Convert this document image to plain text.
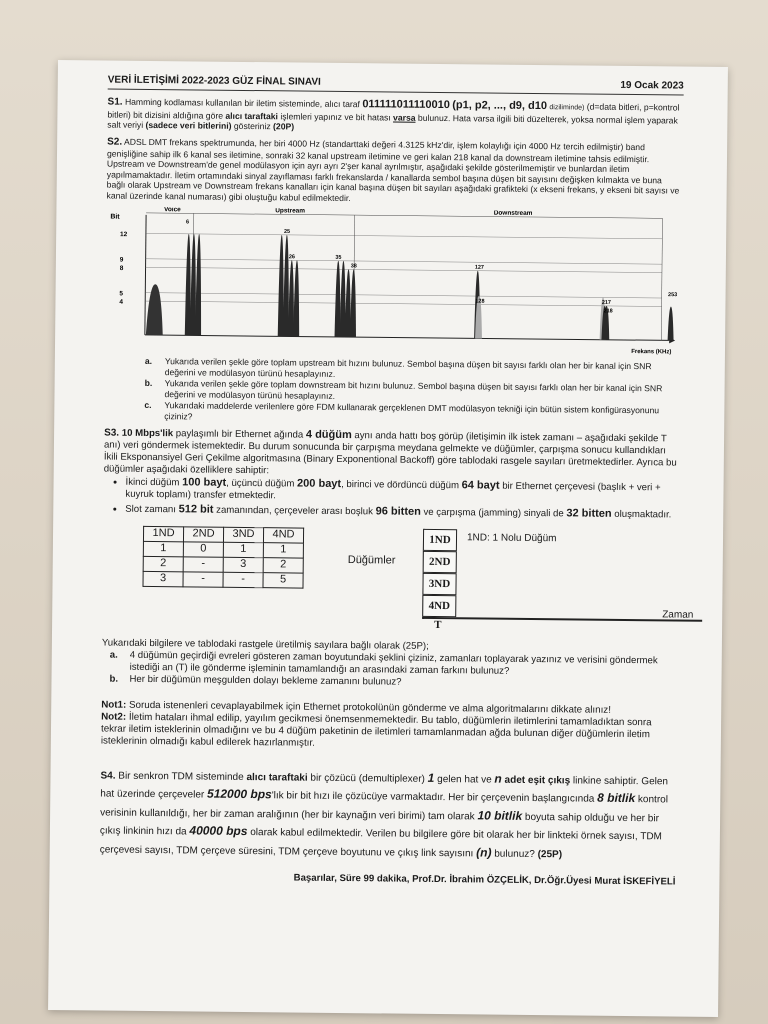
VERİ İLETİŞİMİ 2022-2023 GÜZ FİNAL SINAVI	19 Ocak 2023
S1. Hamming kodlaması kullanılan bir iletim sisteminde, alıcı taraf 011111011110010 (p1, p2, ..., d9, d10 diziliminde) (d=data bitleri, p=kontrol bitleri) bit dizisini aldığına göre alıcı taraftaki işlemleri yapınız ve bit hatası varsa bulunuz. Hata varsa ilgili biti düzelterek, yoksa normal işlem yaparak salt veriyi (sadece veri bitlerini) gösteriniz (20P)
S2. ADSL DMT frekans spektrumunda, her biri 4000 Hz (standarttaki değeri 4.3125 kHz'dir, işlem kolaylığı için 4000 Hz tercih edilmiştir) band genişliğine sahip ilk 6 kanal ses iletimine, sonraki 32 kanal upstream iletimine ve geri kalan 218 kanal da downstream iletimine tahsis edilmiştir. Upstream ve Downstream'de genel modülasyon için ayrı ayrı 2'şer kanal ayrılmıştır, aşağıdaki şekilde gösterilmemiştir ve bunlardan iletim yapılmamaktadır. İletim ortamındaki sinyal zayıflaması farklı frekanslarda / kanallarda sembol başına düşen bit sayısını değişken kılmakta ve buna bağlı olarak Upstream ve Downstream frekans kanalları için kanal başına düşen bit sayıları aşağıdaki grafikteki (x ekseni frekans, y ekseni bit sayısı ve kanal üzerinde kanal numarası) gibi oluştuğu kabul edilmektedir.
Bit
Frekans (KHz)
12
9
8
5
4
Voice	Upstream	Downstream
6
25
26	35
38	127
128	217
218
253
a.	Yukarıda verilen şekle göre toplam upstream bit hızını bulunuz. Sembol başına düşen bit sayısı farklı olan her bir kanal için SNR değerini ve modülasyon türünü hesaplayınız.
b. Yukarıda verilen şekle göre toplam downstream bit hızını bulunuz. Sembol başına düşen bit sayısı farklı olan her bir kanal için SNR değerini ve modülasyon türünü hesaplayınız.
c.	Yukarıdaki maddelerde verilenlere göre FDM kullanarak gerçeklenen DMT modülasyon tekniği için bütün sistem konfigürasyonunu çiziniz?
S3. 10 Mbps'lik paylaşımlı bir Ethernet ağında 4 düğüm aynı anda hattı boş görüp (iletişimin ilk istek zamanı – aşağıdaki şekilde T anı) veri göndermek istemektedir. Bu durum sonucunda bir çarpışma meydana gelmekte ve düğümler, çarpışma sonucu kullandıkları İkili Eksponansiyel Geri Çekilme algoritmasına (Binary Exponentional Backoff) göre tablodaki rasgele sayıları üretmektedirler. Ayrıca bu düğümler aşağıdaki özelliklere sahiptir:
• İkinci düğüm 100 bayt, üçüncü düğüm 200 bayt, birinci ve dördüncü düğüm 64 bayt bir Ethernet çerçevesi (başlık + veri + kuyruk toplamı) transfer etmektedir.
• Slot zamanı 512 bit zamanından, çerçeveler arası boşluk 96 bitten ve çarpışma (jamming) sinyali de 32 bitten oluşmaktadır.
1ND	2ND	3ND	4ND
1	0	1	1
2	-	3	2
3	-	-	5
Düğümler
1ND
2ND
3ND
4ND
1ND: 1 Nolu Düğüm
T
Zaman
Yukarıdaki bilgilere ve tablodaki rastgele üretilmiş sayılara bağlı olarak (25P);
a. 4 düğümün geçirdiği evreleri gösteren zaman boyutundaki şeklini çiziniz, zamanları toplayarak yazınız ve verisini göndermek istediği an (T) ile gönderme işleminin tamamlandığı an arasındaki zaman farkını bulunuz?
b. Her bir düğümün meşgulden dolayı bekleme zamanını bulunuz?
Not1: Soruda istenenleri cevaplayabilmek için Ethernet protokolünün gönderme ve alma algoritmalarını dikkate alınız!
Not2: İletim hataları ihmal edilip, yayılım gecikmesi önemsenmemektedir. Bu tablo, düğümlerin iletimlerini tamamladıktan sonra tekrar iletim isteklerinin olmadığını ve bu 4 düğüm paketinin de iletimleri tamamlanmadan ağda bulunan diğer düğümlerin iletim isteklerinin olmadığı kabul edilerek hazırlanmıştır.
S4. Bir senkron TDM sisteminde alıcı taraftaki bir çözücü (demultiplexer) 1 gelen hat ve n adet eşit çıkış linkine sahiptir. Gelen hat üzerinde çerçeveler 512000 bps'lık bir bit hızı ile çözücüye varmaktadır. Her bir çerçevenin başlangıcında 8 bitlik kontrol verisinin kullanıldığı, her bir zaman aralığının (her bir kaynağın veri birimi) tam olarak 10 bitlik boyuta sahip olduğu ve her bir çıkış linkinin hızı da 40000 bps olarak kabul edilmektedir. Verilen bu bilgilere göre bit olarak her bir linkteki örnek sayısı, TDM çerçevesi sayısı, TDM çerçeve süresini, TDM çerçeve boyutunu ve çıkış link sayısını (n) bulunuz? (25P)
Başarılar, Süre 99 dakika, Prof.Dr. İbrahim ÖZÇELİK, Dr.Öğr.Üyesi Murat İSKEFİYELİ
